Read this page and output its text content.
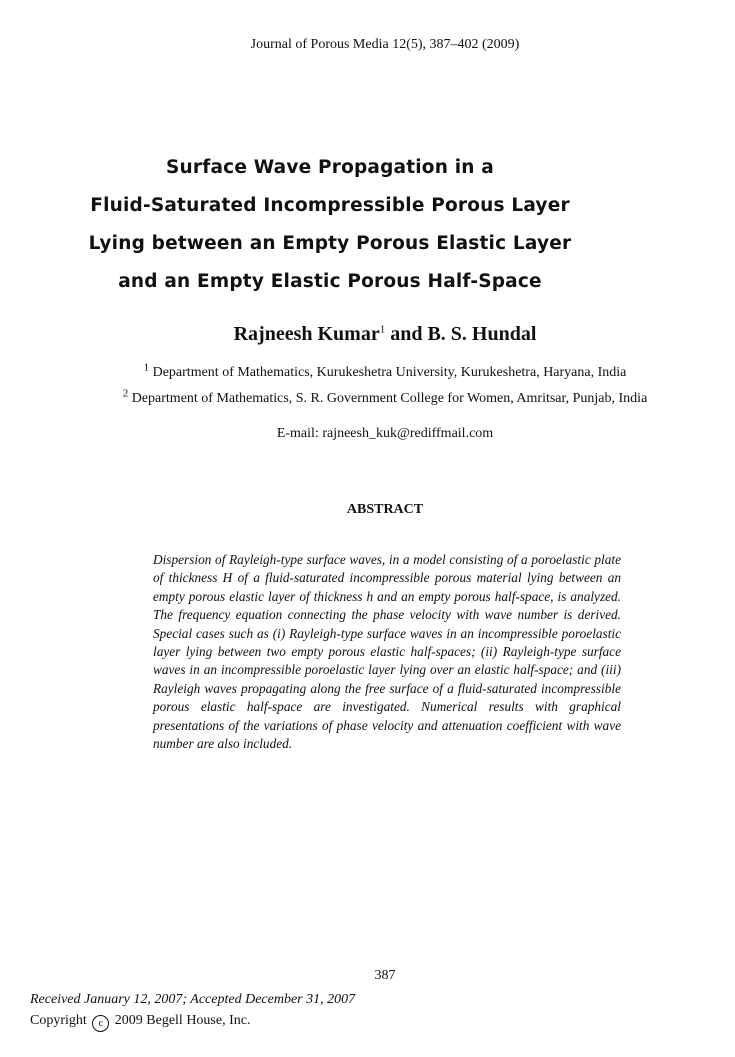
Journal of Porous Media 12(5), 387–402 (2009)
Surface Wave Propagation in a
Fluid-Saturated Incompressible Porous Layer
Lying between an Empty Porous Elastic Layer
and an Empty Elastic Porous Half-Space
Rajneesh Kumar$^1$ and B. S. Hundal
$^1$ Department of Mathematics, Kurukeshetra University, Kurukeshetra, Haryana, India
$^2$ Department of Mathematics, S. R. Government College for Women, Amritsar, Punjab, India
E-mail: rajneesh_kuk@rediffmail.com
ABSTRACT
Dispersion of Rayleigh-type surface waves, in a model consisting of a poroelastic plate of thickness H of a fluid-saturated incompressible porous material lying between an empty porous elastic layer of thickness h and an empty porous half-space, is analyzed. The frequency equation connecting the phase velocity with wave number is derived. Special cases such as (i) Rayleigh-type surface waves in an incompressible poroelastic layer lying between two empty porous elastic half-spaces; (ii) Rayleigh-type surface waves in an incompressible poroelastic layer lying over an elastic half-space; and (iii) Rayleigh waves propagating along the free surface of a fluid-saturated incompressible porous elastic half-space are investigated. Numerical results with graphical presentations of the variations of phase velocity and attenuation coefficient with wave number are also included.
387
Received January 12, 2007; Accepted December 31, 2007
Copyright c 2009 Begell House, Inc.
